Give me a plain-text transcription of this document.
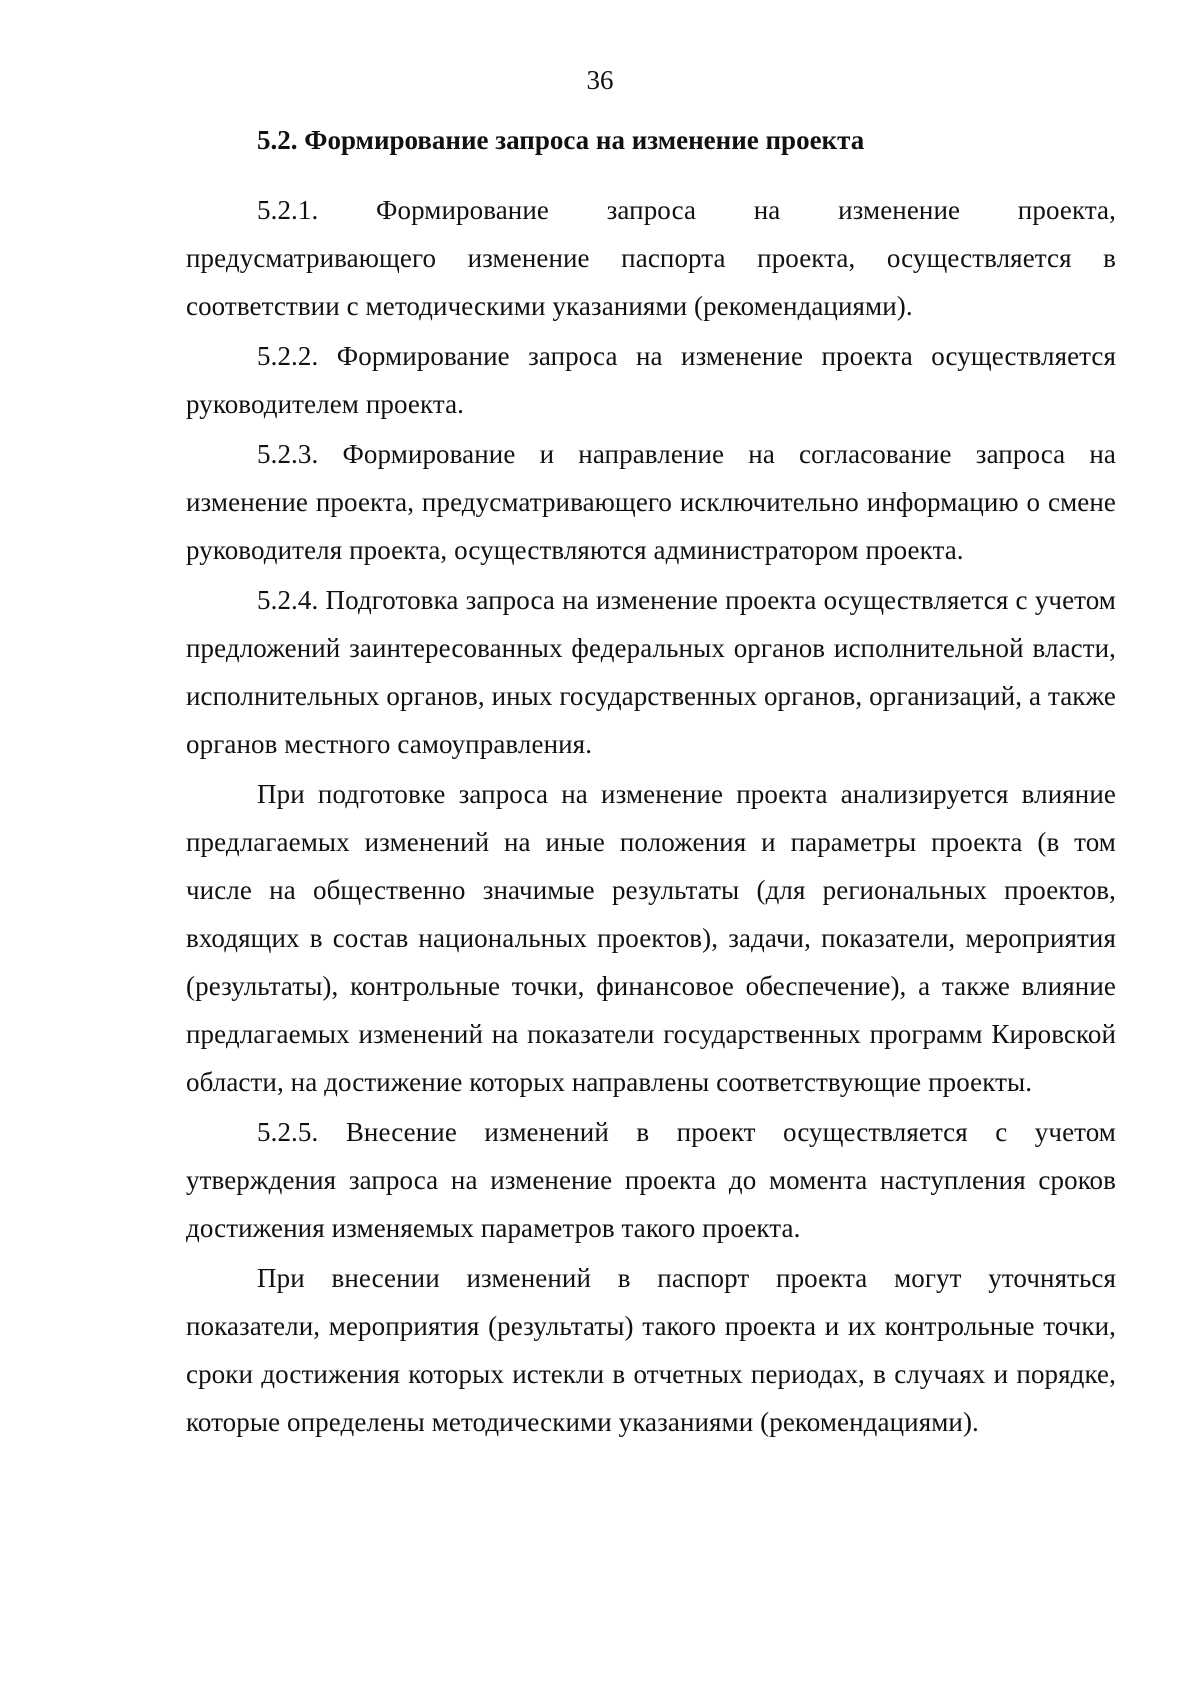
36
5.2. Формирование запроса на изменение проекта

5.2.1. Формирование запроса на изменение проекта, предусматривающего изменение паспорта проекта, осуществляется в соответствии с методическими указаниями (рекомендациями).

5.2.2. Формирование запроса на изменение проекта осуществляется руководителем проекта.

5.2.3. Формирование и направление на согласование запроса на изменение проекта, предусматривающего исключительно информацию о смене руководителя проекта, осуществляются администратором проекта.

5.2.4. Подготовка запроса на изменение проекта осуществляется с учетом предложений заинтересованных федеральных органов исполнительной власти, исполнительных органов, иных государственных органов, организаций, а также органов местного самоуправления.

При подготовке запроса на изменение проекта анализируется влияние предлагаемых изменений на иные положения и параметры проекта (в том числе на общественно значимые результаты (для региональных проектов, входящих в состав национальных проектов), задачи, показатели, мероприятия (результаты), контрольные точки, финансовое обеспечение), а также влияние предлагаемых изменений на показатели государственных программ Кировской области, на достижение которых направлены соответствующие проекты.

5.2.5. Внесение изменений в проект осуществляется с учетом утверждения запроса на изменение проекта до момента наступления сроков достижения изменяемых параметров такого проекта.

При внесении изменений в паспорт проекта могут уточняться показатели, мероприятия (результаты) такого проекта и их контрольные точки, сроки достижения которых истекли в отчетных периодах, в случаях и порядке, которые определены методическими указаниями (рекомендациями).
